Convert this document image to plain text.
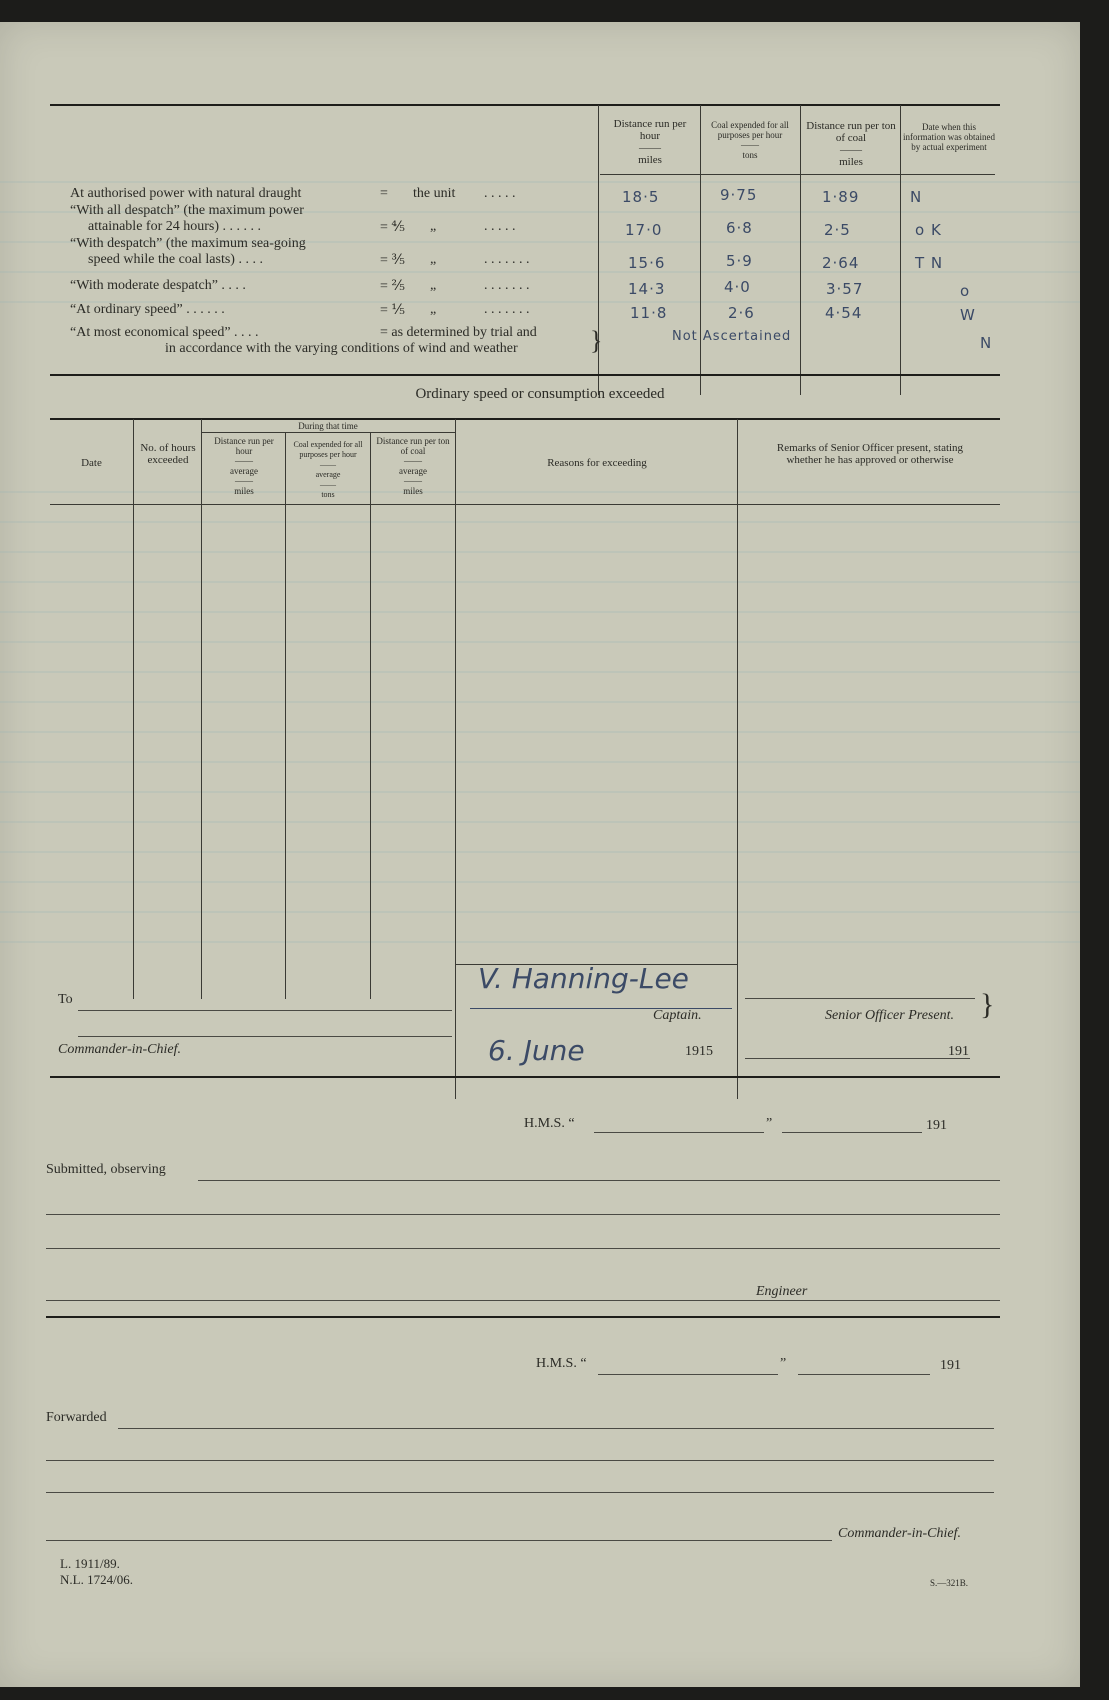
Distance run per hour
——
miles
Coal expended for all purposes per hour
——
tons
Distance run per ton of coal
——
miles
Date when this information was obtained by actual experiment
At authorised power with natural draught	= the unit . . . . .	18·5	9·75	1·89	N
“With all despatch” (the maximum power
attainable for 24 hours) . . . . . .	= ⅘ „	. . . . .	17·0	6·8	2·5	o K
“With despatch” (the maximum sea-going
speed while the coal lasts) . . . .	= ⅗ „	. . . . . . .	15·6	5·9	2·64	T N
“With moderate despatch” . . . .	= ⅖ „	. . . . . . .	14·3	4·0	3·57	o
“At ordinary speed” . . . . . .	= ⅕ „	. . . . . . .	11·8	2·6	4·54	W
“At most economical speed” . . . .	= as determined by trial and
in accordance with the varying conditions of wind and weather	}	Not Ascertained	N
Ordinary speed or consumption exceeded
During that time
Date
No. of hours exceeded
Distance run per hour
——
average
——
miles
Coal expended for all purposes per hour
——
average
——
tons
Distance run per ton of coal
——
average
——
miles
Reasons for exceeding
Remarks of Senior Officer present, stating whether he has approved or otherwise
To
Commander-in-Chief.
V. Hanning-Lee
Captain.
6. June	1915
Senior Officer Present. }
191
H.M.S. “	”	191
Submitted, observing
Engineer
H.M.S. “	”	191
Forwarded
Commander-in-Chief.
L. 1911/89.
N.L. 1724/06.	S.—321B.
